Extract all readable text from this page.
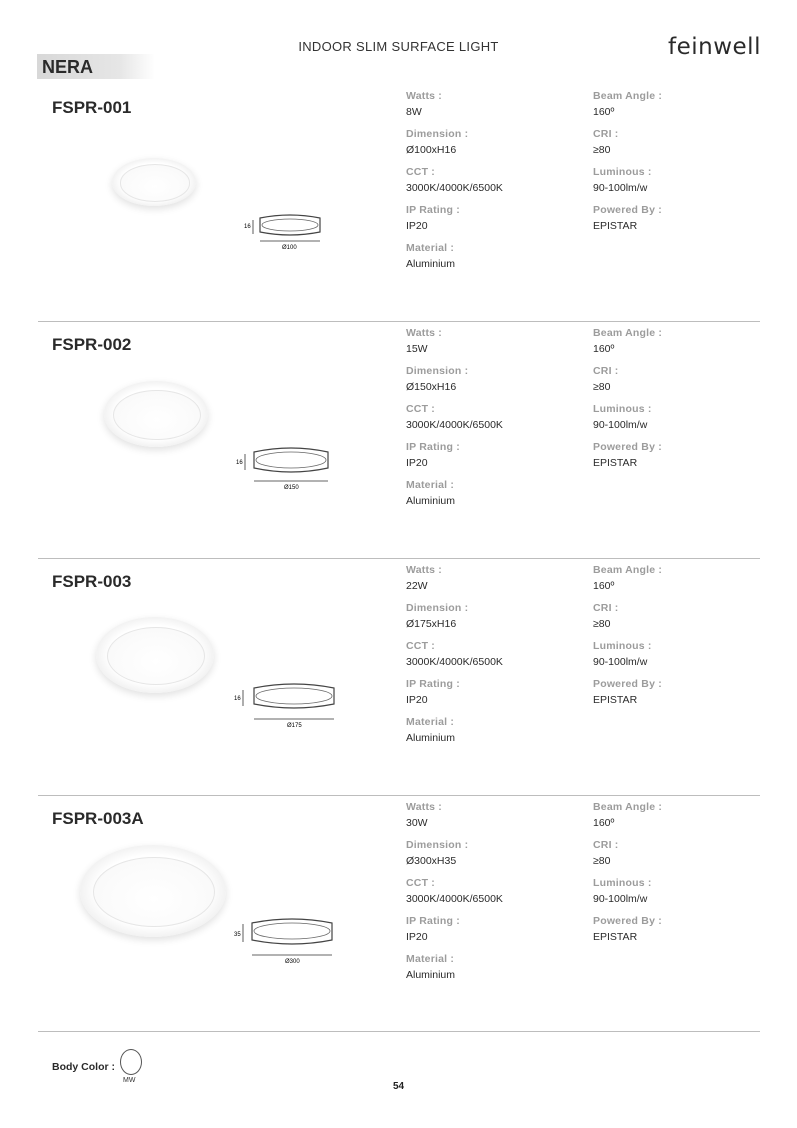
INDOOR SLIM SURFACE LIGHT	feinwell
NERA
FSPR-001
16
Ø100
Watts :
8W
Dimension :
Ø100xH16
CCT :
3000K/4000K/6500K
IP Rating :
IP20
Material :
Aluminium
Beam Angle :
160º
CRI :
≥80
Luminous :
90-100lm/w
Powered By :
EPISTAR
FSPR-002
16
Ø150
Watts :
15W
Dimension :
Ø150xH16
CCT :
3000K/4000K/6500K
IP Rating :
IP20
Material :
Aluminium
Beam Angle :
160º
CRI :
≥80
Luminous :
90-100lm/w
Powered By :
EPISTAR
FSPR-003
16
Ø175
Watts :
22W
Dimension :
Ø175xH16
CCT :
3000K/4000K/6500K
IP Rating :
IP20
Material :
Aluminium
Beam Angle :
160º
CRI :
≥80
Luminous :
90-100lm/w
Powered By :
EPISTAR
FSPR-003A
35
Ø300
Watts :
30W
Dimension :
Ø300xH35
CCT :
3000K/4000K/6500K
IP Rating :
IP20
Material :
Aluminium
Beam Angle :
160º
CRI :
≥80
Luminous :
90-100lm/w
Powered By :
EPISTAR
Body Color :
MW
54
